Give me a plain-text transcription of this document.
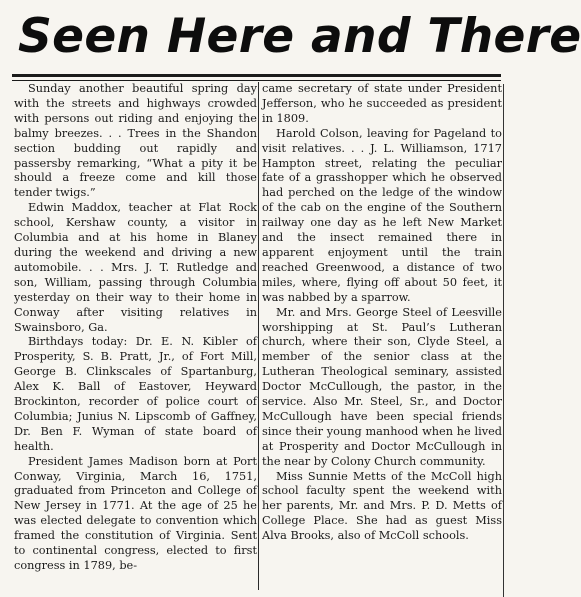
Seen Here and There

Sunday another beautiful spring day with the streets and highways crowded with persons out riding and enjoying the balmy breezes. . . Trees in the Shandon section budding out rapidly and passersby remarking, “What a pity it be should a freeze come and kill those tender twigs.”

Edwin Maddox, teacher at Flat Rock school, Kershaw county, a visitor in Columbia and at his home in Blaney during the weekend and driving a new automobile. . . Mrs. J. T. Rutledge and son, William, passing through Columbia yesterday on their way to their home in Conway after visiting relatives in Swainsboro, Ga.

Birthdays today: Dr. E. N. Kibler of Prosperity, S. B. Pratt, Jr., of Fort Mill, George B. Clinkscales of Spartanburg, Alex K. Ball of Eastover, Heyward Brockinton, recorder of police court of Columbia; Junius N. Lipscomb of Gaffney, Dr. Ben F. Wyman of state board of health.

President James Madison born at Port Conway, Virginia, March 16, 1751, graduated from Princeton and College of New Jersey in 1771. At the age of 25 he was elected delegate to convention which framed the constitution of Virginia. Sent to continental congress, elected to first congress in 1789, be-

came secretary of state under President Jefferson, who he succeeded as president in 1809.

Harold Colson, leaving for Pageland to visit relatives. . . J. L. Williamson, 1717 Hampton street, relating the peculiar fate of a grasshopper which he observed had perched on the ledge of the window of the cab on the engine of the Southern railway one day as he left New Market and the insect remained there in apparent enjoyment until the train reached Greenwood, a distance of two miles, where, flying off about 50 feet, it was nabbed by a sparrow.

Mr. and Mrs. George Steel of Leesville worshipping at St. Paul’s Lutheran church, where their son, Clyde Steel, a member of the senior class at the Lutheran Theological seminary, assisted Doctor McCullough, the pastor, in the service. Also Mr. Steel, Sr., and Doctor McCullough have been special friends since their young manhood when he lived at Prosperity and Doctor McCullough in the near by Colony Church community.

Miss Sunnie Metts of the McColl high school faculty spent the weekend with her parents, Mr. and Mrs. P. D. Metts of College Place. She had as guest Miss Alva Brooks, also of McColl schools.
